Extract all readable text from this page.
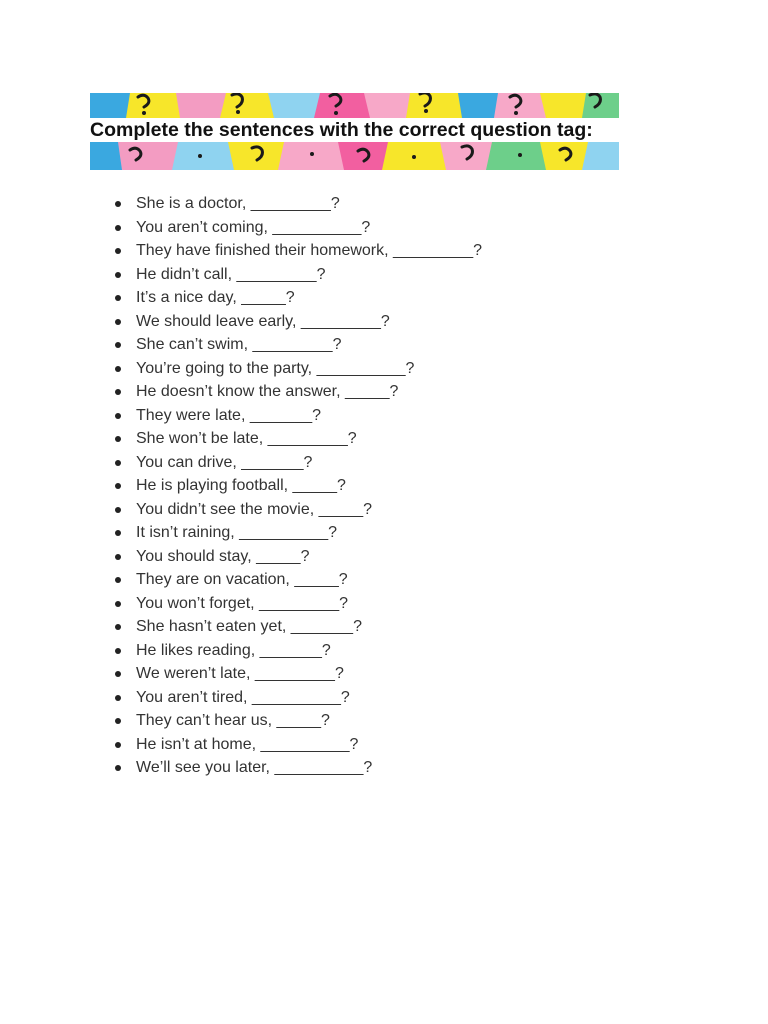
Complete the sentences with the correct question tag:
She is a doctor, _________?
You aren’t coming, __________?
They have finished their homework, _________?
He didn’t call, _________?
It’s a nice day, _____?
We should leave early, _________?
She can’t swim, _________?
You’re going to the party, __________?
He doesn’t know the answer, _____?
They were late, _______?
She won’t be late, _________?
You can drive, _______?
He is playing football, _____?
You didn’t see the movie, _____?
It isn’t raining, __________?
You should stay, _____?
They are on vacation, _____?
You won’t forget, _________?
She hasn’t eaten yet, _______?
He likes reading, _______?
We weren’t late, _________?
You aren’t tired, __________?
They can’t hear us, _____?
He isn’t at home, __________?
We’ll see you later, __________?
